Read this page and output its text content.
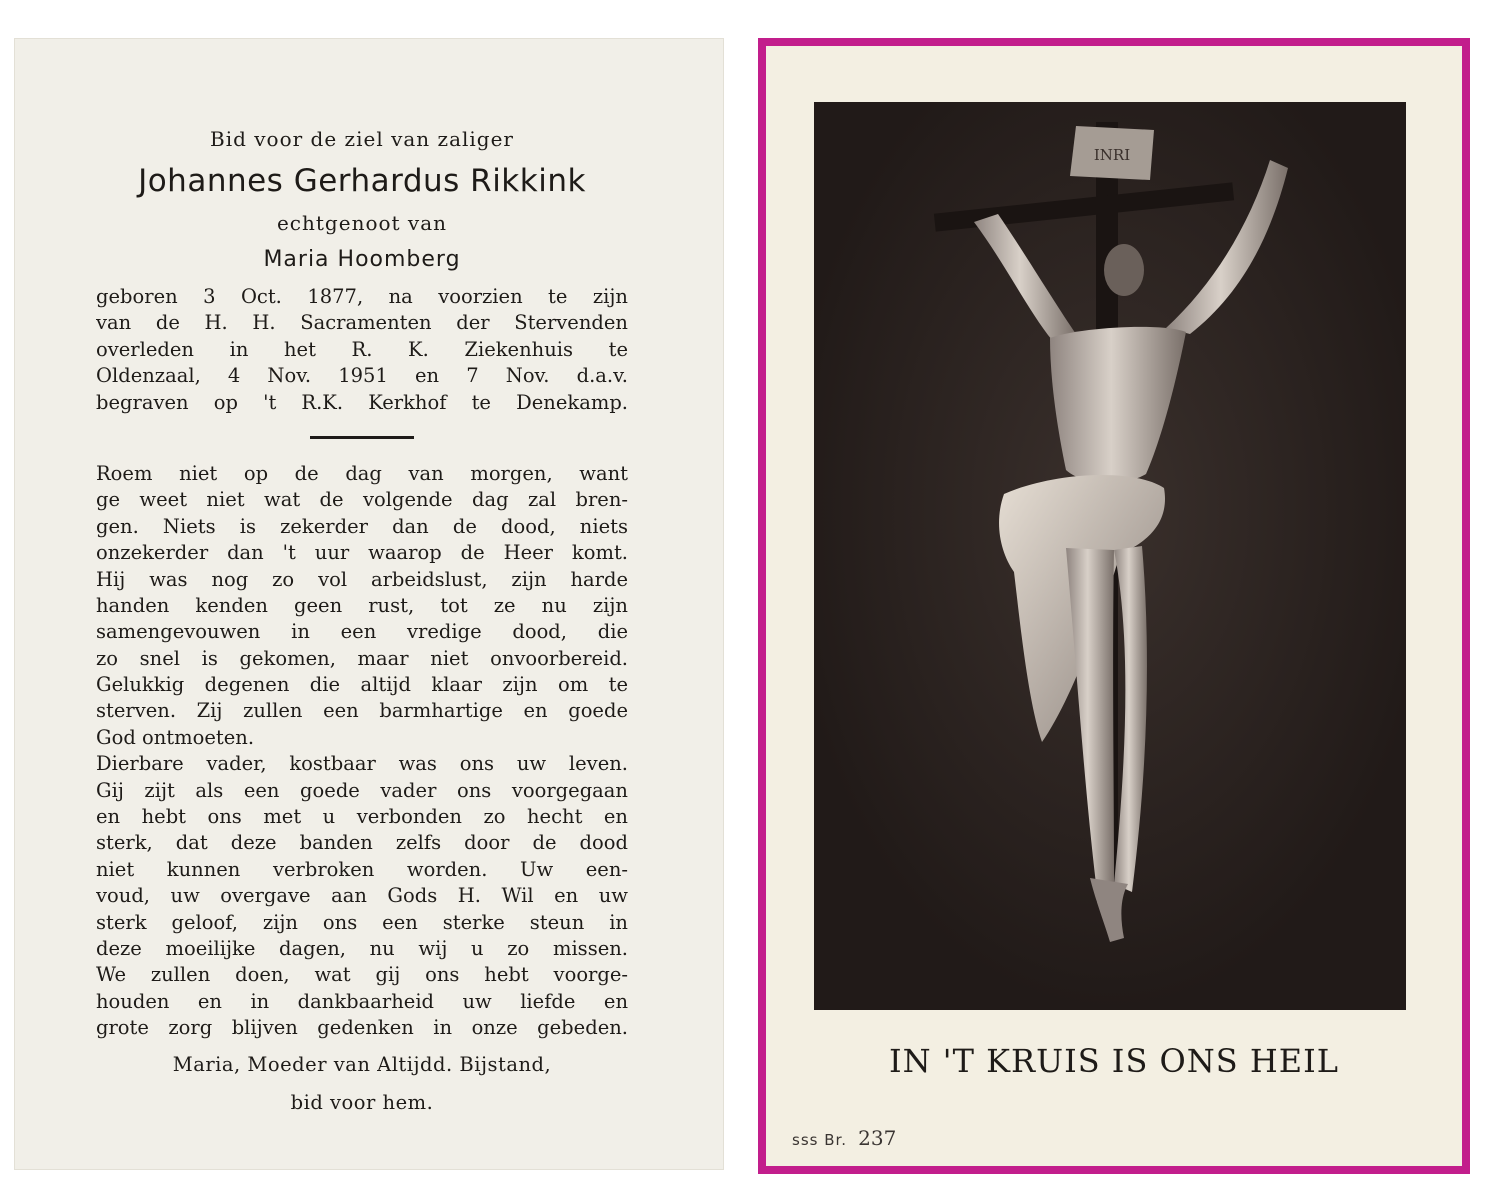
Bid voor de ziel van zaliger
Johannes Gerhardus Rikkink
echtgenoot van
Maria Hoomberg
geboren 3 Oct. 1877, na voorzien te zijn
van de H. H. Sacramenten der Stervenden
overleden in het R. K. Ziekenhuis te
Oldenzaal, 4 Nov. 1951 en 7 Nov. d.a.v.
begraven op 't R.K. Kerkhof te Denekamp.
Roem niet op de dag van morgen, want
ge weet niet wat de volgende dag zal bren-
gen. Niets is zekerder dan de dood, niets
onzekerder dan 't uur waarop de Heer komt.
Hij was nog zo vol arbeidslust, zijn harde
handen kenden geen rust, tot ze nu zijn
samengevouwen in een vredige dood, die
zo snel is gekomen, maar niet onvoorbereid.
Gelukkig degenen die altijd klaar zijn om te
sterven. Zij zullen een barmhartige en goede
God ontmoeten.
Dierbare vader, kostbaar was ons uw leven.
Gij zijt als een goede vader ons voorgegaan
en hebt ons met u verbonden zo hecht en
sterk, dat deze banden zelfs door de dood
niet kunnen verbroken worden. Uw een-
voud, uw overgave aan Gods H. Wil en uw
sterk geloof, zijn ons een sterke steun in
deze moeilijke dagen, nu wij u zo missen.
We zullen doen, wat gij ons hebt voorge-
houden en in dankbaarheid uw liefde en
grote zorg blijven gedenken in onze gebeden.
Maria, Moeder van Altijdd. Bijstand,
bid voor hem.
INRI
IN 'T KRUIS IS ONS HEIL
sss Br. 237
